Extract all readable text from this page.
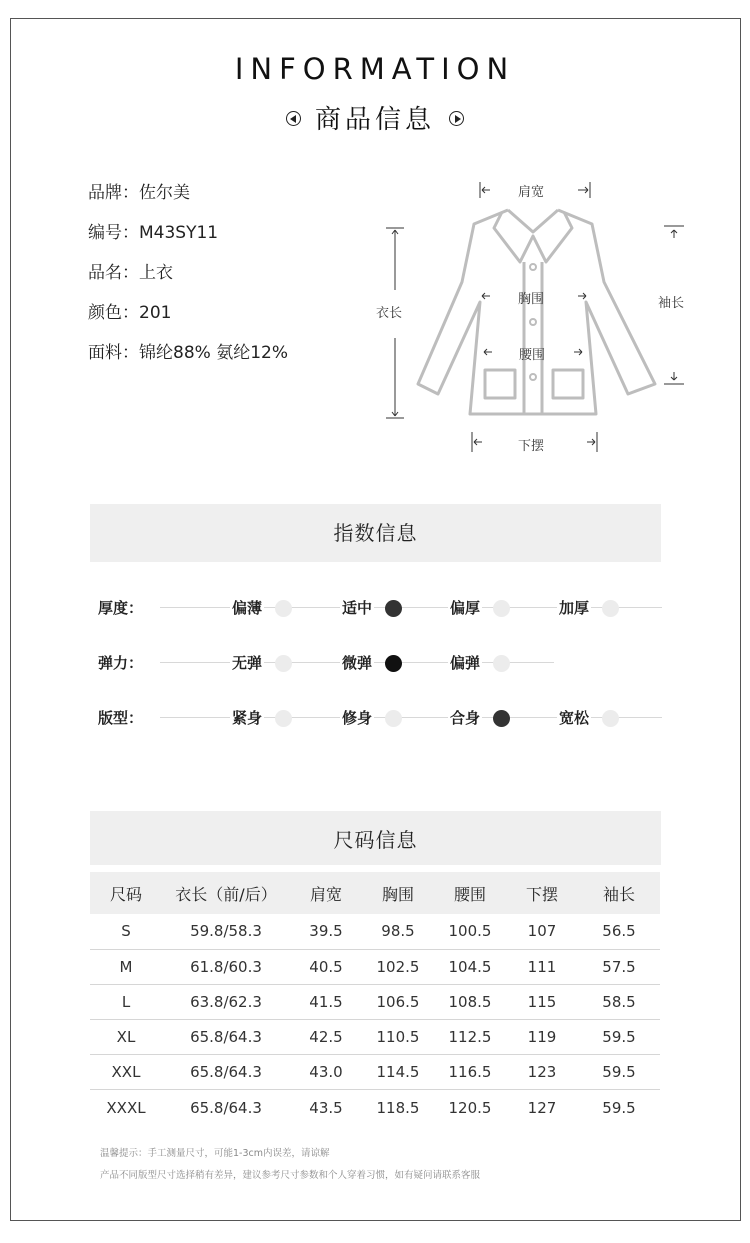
INFORMATION
商品信息
品牌：佐尔美
编号：M43SY11
品名：上衣
颜色：201
面料：锦纶88% 氨纶12%
肩宽
衣长
胸围
腰围
袖长
下摆
指数信息
厚度：	偏薄	适中	偏厚	加厚
弹力：	无弹	微弹	偏弹
版型：	紧身	修身	合身	宽松
尺码信息
尺码	衣长（前/后）	肩宽	胸围	腰围	下摆	袖长
S	59.8/58.3	39.5	98.5	100.5	107	56.5
M	61.8/60.3	40.5	102.5	104.5	111	57.5
L	63.8/62.3	41.5	106.5	108.5	115	58.5
XL	65.8/64.3	42.5	110.5	112.5	119	59.5
XXL	65.8/64.3	43.0	114.5	116.5	123	59.5
XXXL	65.8/64.3	43.5	118.5	120.5	127	59.5
温馨提示：手工测量尺寸，可能1-3cm内误差，请谅解
产品不同版型尺寸选择稍有差异，建议参考尺寸参数和个人穿着习惯，如有疑问请联系客服
